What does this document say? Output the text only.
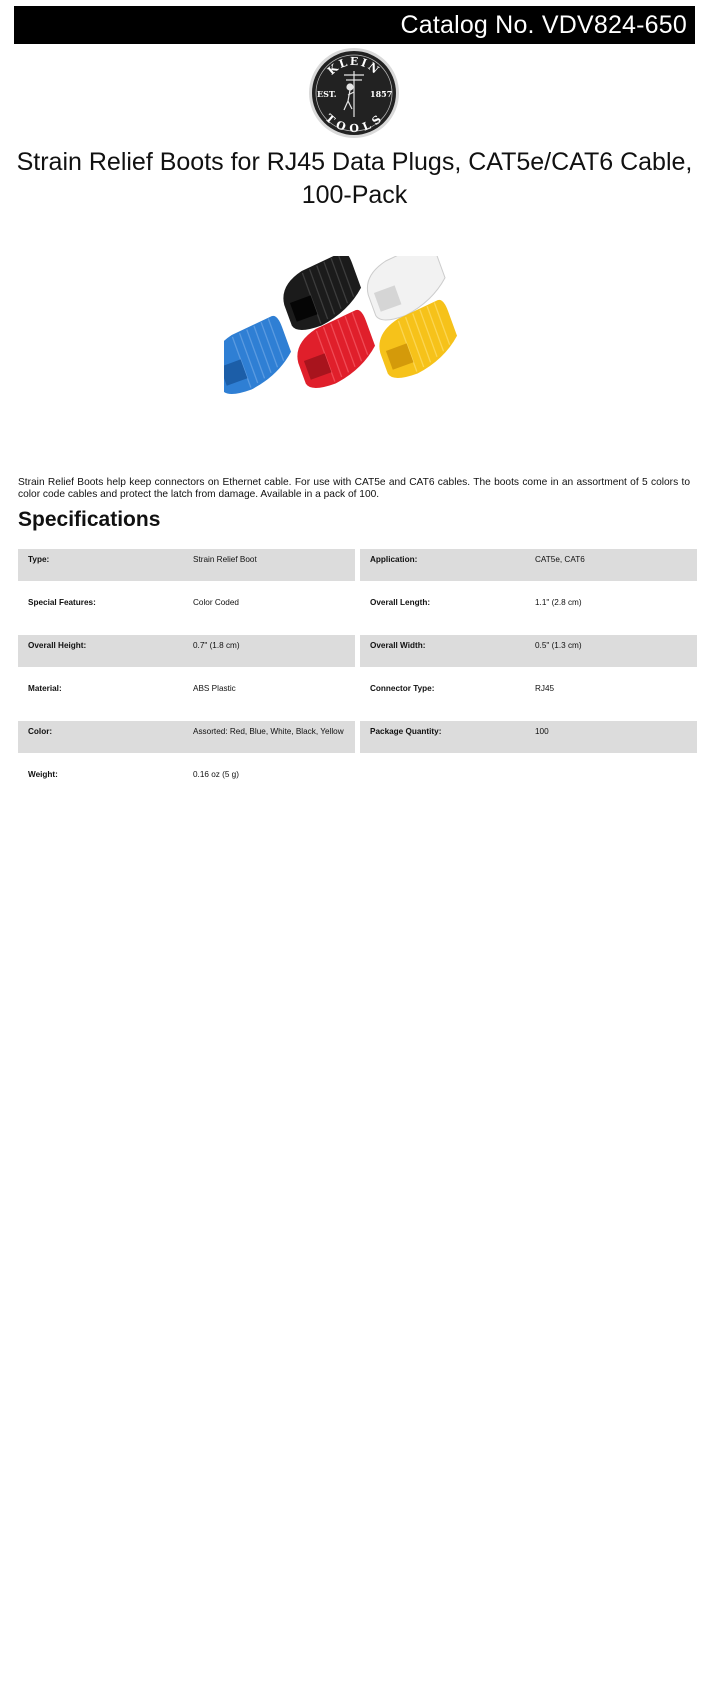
Catalog No. VDV824-650
KLEIN
TOOLS
EST.	1857
Strain Relief Boots for RJ45 Data Plugs, CAT5e/CAT6 Cable, 100-Pack

Strain Relief Boots help keep connectors on Ethernet cable. For use with CAT5e and CAT6 cables. The boots come in an assortment of 5 colors to color code cables and protect the latch from damage. Available in a pack of 100.

Specifications
Type:	Strain Relief Boot	Application:	CAT5e, CAT6
Special Features:	Color Coded	Overall Length:	1.1" (2.8 cm)
Overall Height:	0.7" (1.8 cm)	Overall Width:	0.5" (1.3 cm)
Material:	ABS Plastic	Connector Type:	RJ45
Color:	Assorted: Red, Blue, White, Black, Yellow	Package Quantity:	100
Weight:	0.16 oz (5 g)
